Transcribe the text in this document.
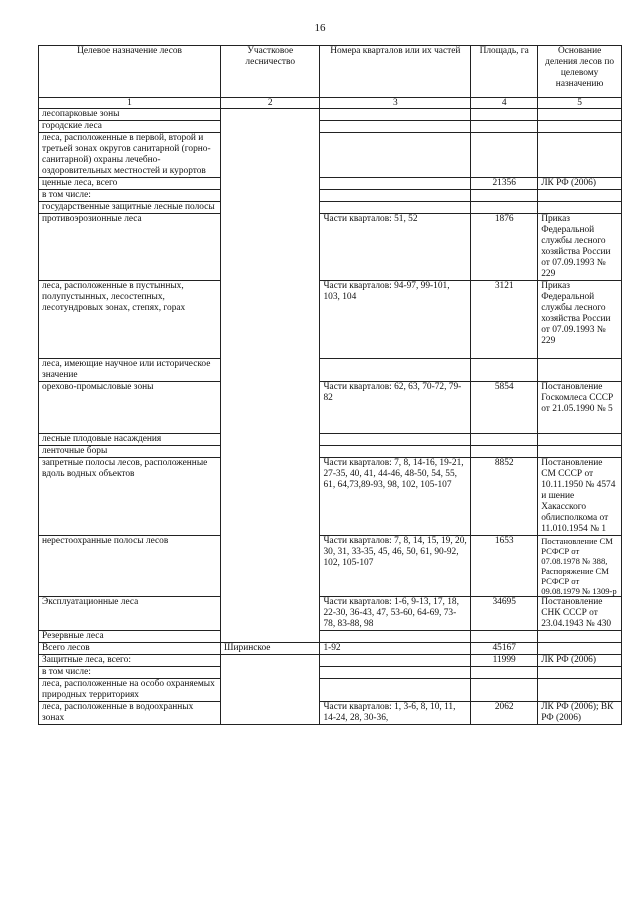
16
Целевое назначение лесов	Участковое лесничество	Номера кварталов или их частей	Площадь, га	Основание деления лесов по целевому назначению
1	2	3	4	5
лесопарковые зоны				
городские леса				
леса, расположенные в первой, второй и третьей зонах округов санитарной (горно-санитарной) охраны лечебно-оздоровительных местностей и курортов				
ценные леса, всего			21356	ЛК РФ (2006)
в том числе:				
государственные защитные лесные полосы				
противоэрозионные леса		Части кварталов: 51, 52	1876	Приказ Федеральной службы лесного хозяйства России от 07.09.1993 № 229
леса, расположенные в пустынных, полупустынных, лесостепных, лесотундровых зонах, степях, горах		Части кварталов: 94-97, 99-101, 103, 104	3121	Приказ Федеральной службы лесного хозяйства России от 07.09.1993 № 229
леса, имеющие научное или историческое значение				
орехово-промысловые зоны		Части кварталов: 62, 63, 70-72, 79-82	5854	Постановление Госкомлеса СССР от 21.05.1990 № 5
лесные плодовые насаждения				
ленточные боры				
запретные полосы лесов, расположенные вдоль водных объектов		Части кварталов: 7, 8, 14-16, 19-21, 27-35, 40, 41, 44-46, 48-50, 54, 55, 61, 64,73,89-93, 98, 102, 105-107	8852	Постановление СМ СССР от 10.11.1950 № 4574 и шение Хакасского облисполкома от 11.010.1954 № 1
нерестоохранные полосы лесов		Части кварталов: 7, 8, 14, 15, 19, 20, 30, 31, 33-35, 45, 46, 50, 61, 90-92, 102, 105-107	1653	Постановление СМ РСФСР от 07.08.1978 № 388, Распоряжение СМ РСФСР от 09.08.1979 № 1309-р
Эксплуатационные леса		Части кварталов: 1-6, 9-13, 17, 18, 22-30, 36-43, 47, 53-60, 64-69, 73-78, 83-88, 98	34695	Постановление СНК СССР от 23.04.1943 № 430
Резервные леса				
Всего лесов	Ширинское	1-92	45167	
Защитные леса, всего:			11999	ЛК РФ (2006)
в том числе:				
леса, расположенные на особо охраняемых природных территориях				
леса, расположенные в водоохранных зонах		Части кварталов: 1, 3-6, 8, 10, 11, 14-24, 28, 30-36,	2062	ЛК РФ (2006); ВК РФ (2006)
